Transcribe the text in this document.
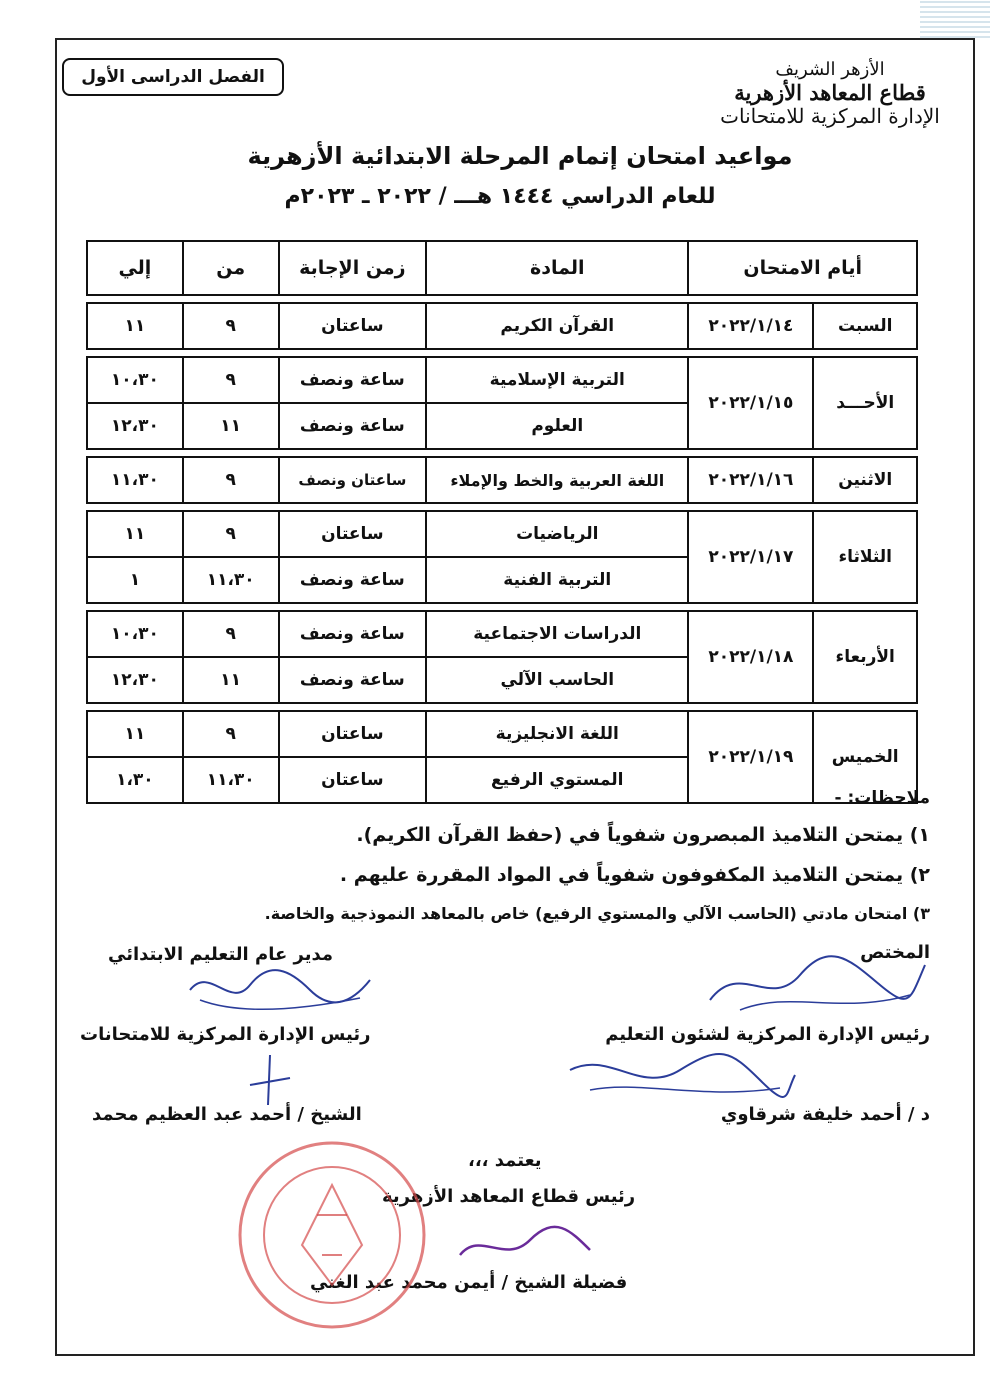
الأزهر الشريف
قطاع المعاهد الأزهرية
الإدارة المركزية للامتحانات
الفصل الدراسى الأول
مواعيد امتحان إتمام المرحلة الابتدائية الأزهرية
للعام الدراسي ١٤٤٤ هـــ / ٢٠٢٢ ـ ٢٠٢٣م
أيام الامتحان		المادة	زمن الإجابة	من	إلي

السبت	٢٠٢٢/١/١٤	القرآن الكريم	ساعتان	٩	١١

الأحـــد	٢٠٢٢/١/١٥	التربية الإسلامية	ساعة ونصف	٩	١٠،٣٠
		العلوم	ساعة ونصف	١١	١٢،٣٠

الاثنين	٢٠٢٢/١/١٦	اللغة العربية والخط والإملاء	ساعتان ونصف	٩	١١،٣٠

الثلاثاء	٢٠٢٢/١/١٧	الرياضيات	ساعتان	٩	١١
		التربية الفنية	ساعة ونصف	١١،٣٠	١

الأربعاء	٢٠٢٢/١/١٨	الدراسات الاجتماعية	ساعة ونصف	٩	١٠،٣٠
		الحاسب الآلي	ساعة ونصف	١١	١٢،٣٠

الخميس	٢٠٢٢/١/١٩	اللغة الانجليزية	ساعتان	٩	١١
		المستوي الرفيع	ساعتان	١١،٣٠	١،٣٠
ملاحظات: -
١) يمتحن التلاميذ المبصرون شفوياً في (حفظ القرآن الكريم).
٢) يمتحن التلاميذ المكفوفون شفوياً في المواد المقررة عليهم .
٣) امتحان مادتي (الحاسب الآلي والمستوي الرفيع) خاص بالمعاهد النموذجية والخاصة.
المختص
مدير عام التعليم الابتدائي
رئيس الإدارة المركزية لشئون التعليم
رئيس الإدارة المركزية للامتحانات
د / أحمد خليفة شرقاوي
الشيخ / أحمد عبد العظيم محمد
يعتمد ،،،
رئيس قطاع المعاهد الأزهرية
فضيلة الشيخ / أيمن محمد عبد الغني
